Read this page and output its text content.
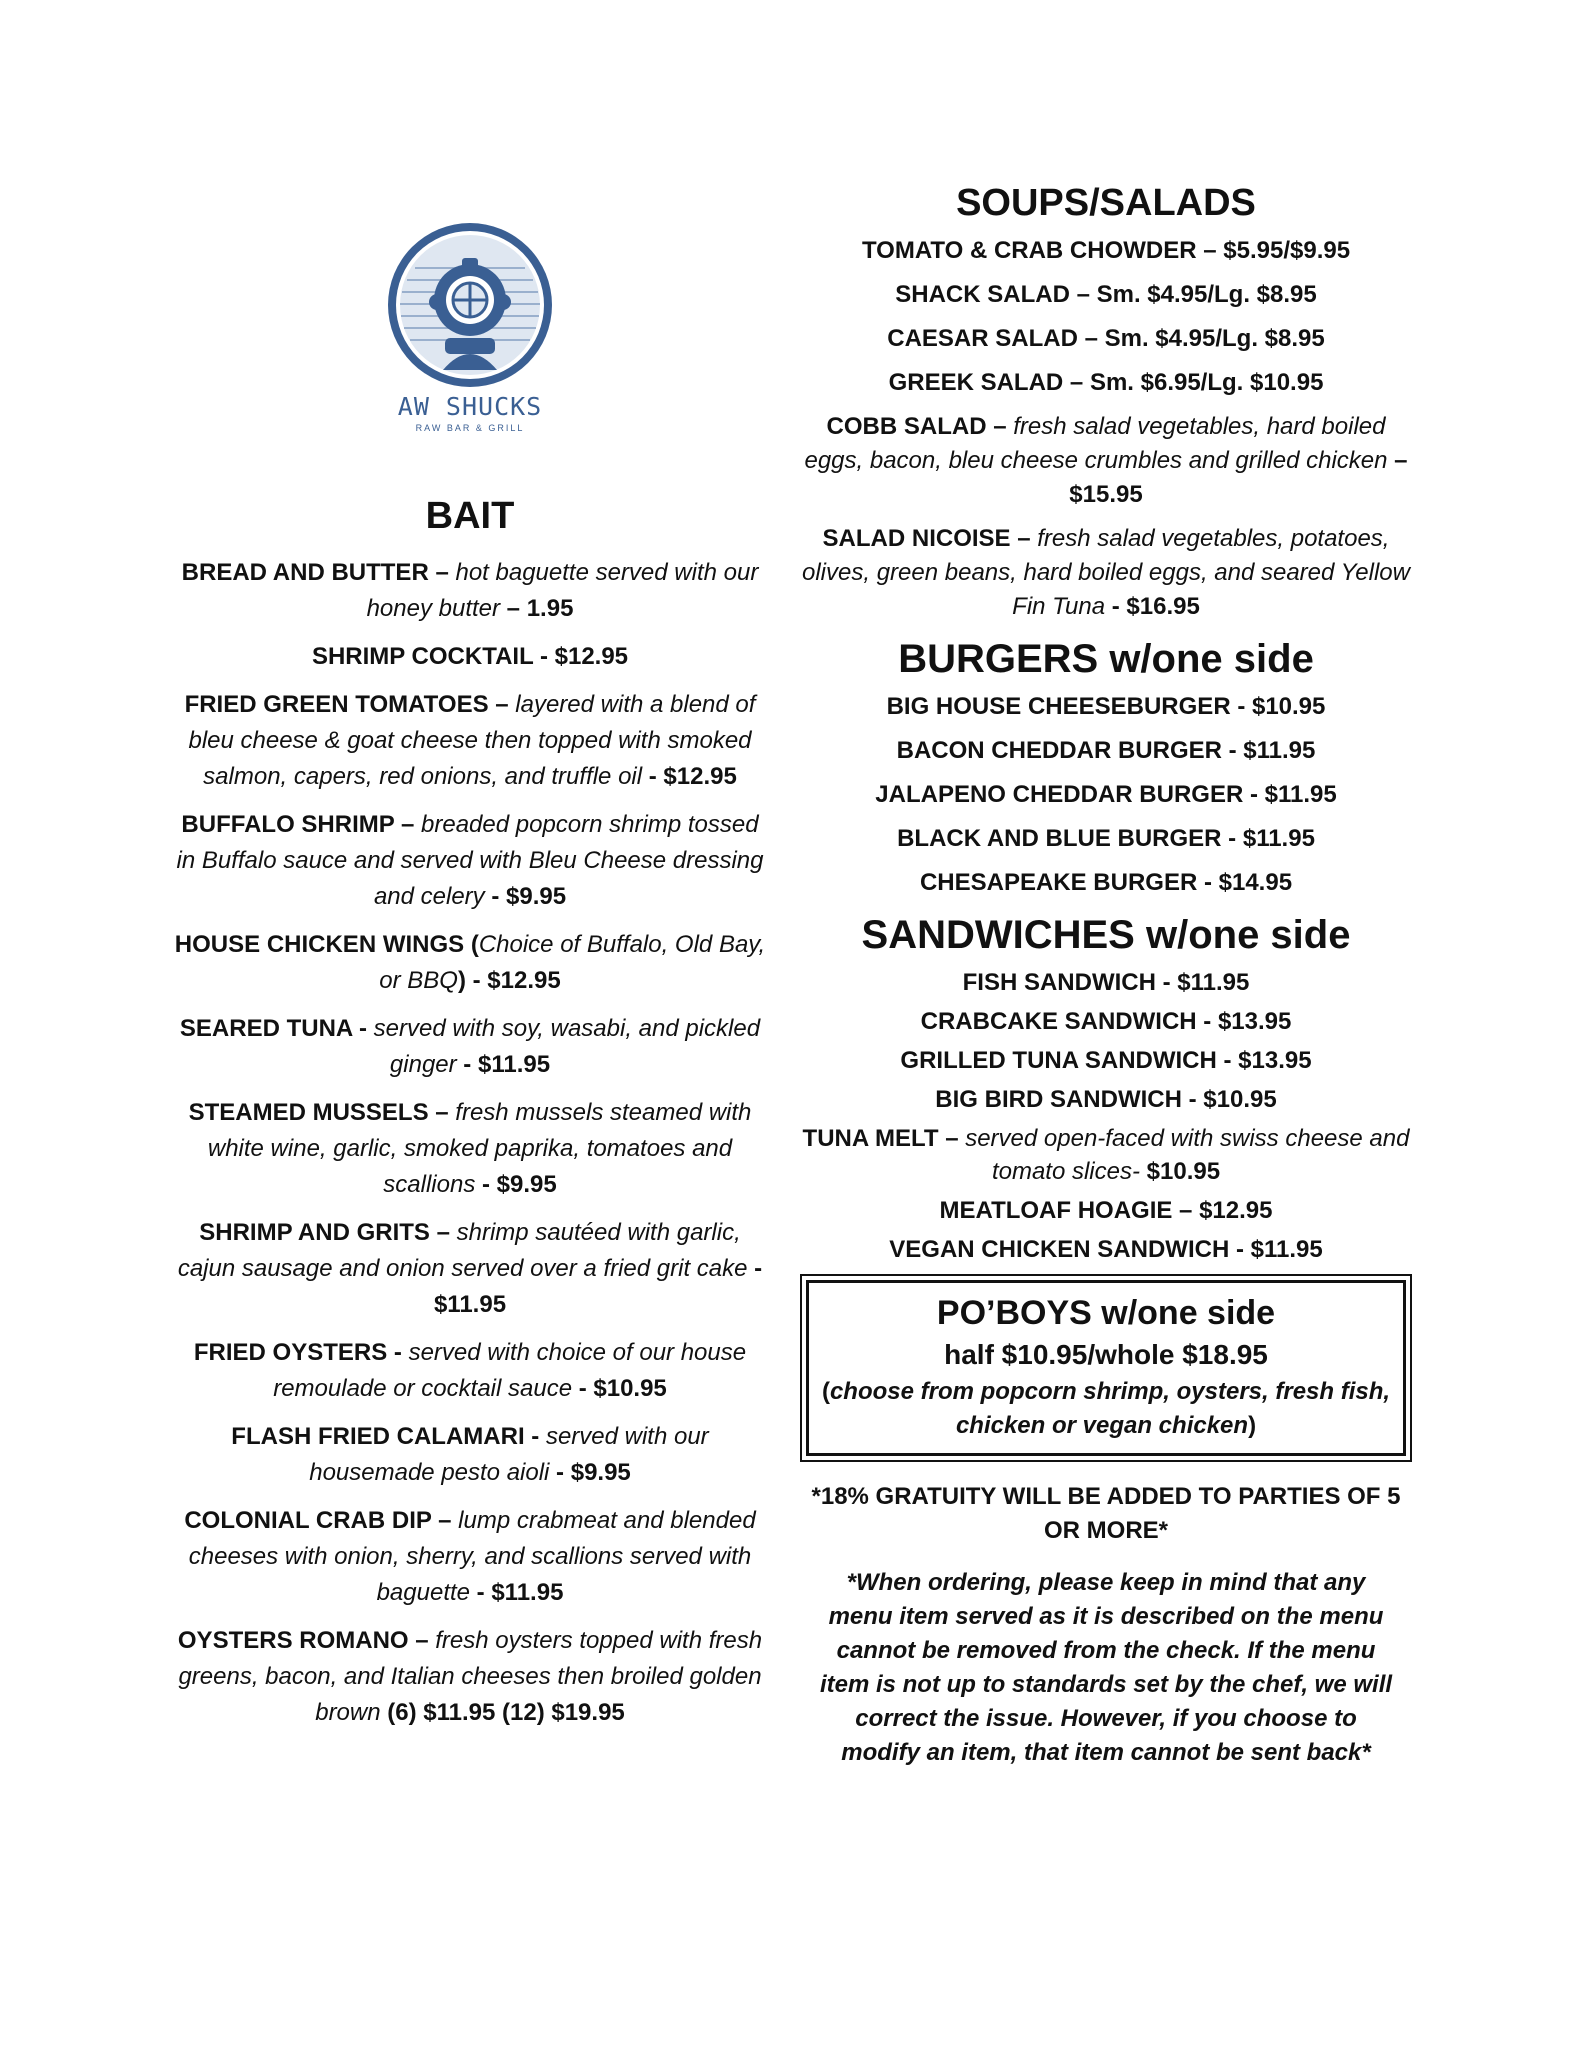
AW SHUCKS
RAW BAR & GRILL
BAIT
BREAD AND BUTTER – hot baguette served with our honey butter – 1.95
SHRIMP COCKTAIL - $12.95
FRIED GREEN TOMATOES – layered with a blend of bleu cheese & goat cheese then topped with smoked salmon, capers, red onions, and truffle oil - $12.95
BUFFALO SHRIMP – breaded popcorn shrimp tossed in Buffalo sauce and served with Bleu Cheese dressing and celery - $9.95
HOUSE CHICKEN WINGS (Choice of Buffalo, Old Bay, or BBQ) - $12.95
SEARED TUNA - served with soy, wasabi, and pickled ginger - $11.95
STEAMED MUSSELS – fresh mussels steamed with white wine, garlic, smoked paprika, tomatoes and scallions - $9.95
SHRIMP AND GRITS – shrimp sautéed with garlic, cajun sausage and onion served over a fried grit cake - $11.95
FRIED OYSTERS - served with choice of our house remoulade or cocktail sauce - $10.95
FLASH FRIED CALAMARI - served with our housemade pesto aioli - $9.95
COLONIAL CRAB DIP – lump crabmeat and blended cheeses with onion, sherry, and scallions served with baguette - $11.95
OYSTERS ROMANO – fresh oysters topped with fresh greens, bacon, and Italian cheeses then broiled golden brown (6) $11.95 (12) $19.95
SOUPS/SALADS
TOMATO & CRAB CHOWDER – $5.95/$9.95
SHACK SALAD – Sm. $4.95/Lg. $8.95
CAESAR SALAD – Sm. $4.95/Lg. $8.95
GREEK SALAD – Sm. $6.95/Lg. $10.95
COBB SALAD – fresh salad vegetables, hard boiled eggs, bacon, bleu cheese crumbles and grilled chicken – $15.95
SALAD NICOISE – fresh salad vegetables, potatoes, olives, green beans, hard boiled eggs, and seared Yellow Fin Tuna - $16.95
BURGERS w/one side
BIG HOUSE CHEESEBURGER - $10.95
BACON CHEDDAR BURGER - $11.95
JALAPENO CHEDDAR BURGER - $11.95
BLACK AND BLUE BURGER - $11.95
CHESAPEAKE BURGER - $14.95
SANDWICHES w/one side
FISH SANDWICH - $11.95
CRABCAKE SANDWICH - $13.95
GRILLED TUNA SANDWICH - $13.95
BIG BIRD SANDWICH - $10.95
TUNA MELT – served open-faced with swiss cheese and tomato slices- $10.95
MEATLOAF HOAGIE – $12.95
VEGAN CHICKEN SANDWICH - $11.95
PO’BOYS w/one side
half $10.95/whole $18.95
(choose from popcorn shrimp, oysters, fresh fish, chicken or vegan chicken)
*18% GRATUITY WILL BE ADDED TO PARTIES OF 5 OR MORE*
*When ordering, please keep in mind that any menu item served as it is described on the menu cannot be removed from the check. If the menu item is not up to standards set by the chef, we will correct the issue. However, if you choose to modify an item, that item cannot be sent back*
